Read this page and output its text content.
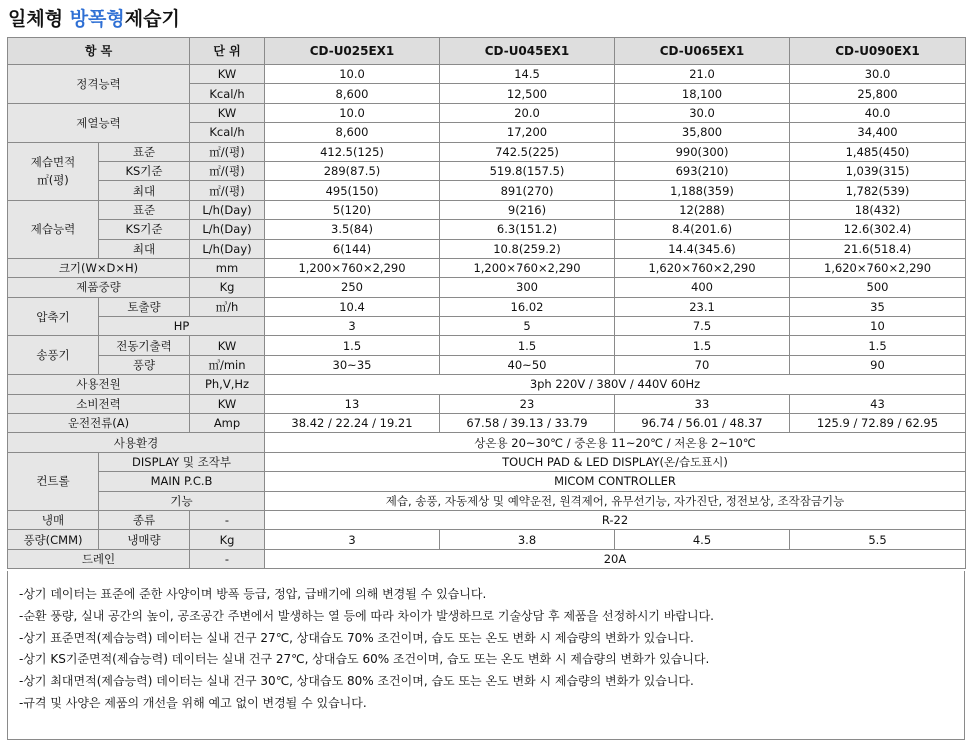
일체형 방폭형제습기
항 목		단 위	CD-U025EX1	CD-U045EX1	CD-U065EX1	CD-U090EX1
정격능력		KW	10.0	14.5	21.0	30.0
		Kcal/h	8,600	12,500	18,100	25,800
제열능력		KW	10.0	20.0	30.0	40.0
		Kcal/h	8,600	17,200	35,800	34,400

제습면적
㎡(평)	표준	㎡/(평)	412.5(125)	742.5(225)	990(300)	1,485(450)
	KS기준	㎡/(평)	289(87.5)	519.8(157.5)	693(210)	1,039(315)
	최대	㎡/(평)	495(150)	891(270)	1,188(359)	1,782(539)
제습능력	표준	L/h(Day)	5(120)	9(216)	12(288)	18(432)
	KS기준	L/h(Day)	3.5(84)	6.3(151.2)	8.4(201.6)	12.6(302.4)
	최대	L/h(Day)	6(144)	10.8(259.2)	14.4(345.6)	21.6(518.4)
크기(W×D×H)		mm	1,200×760×2,290	1,200×760×2,290	1,620×760×2,290	1,620×760×2,290
제품중량		Kg	250	300	400	500
압축기	토출량	㎥/h	10.4	16.02	23.1	35
	HP		3	5	7.5	10
송풍기	전동기출력	KW	1.5	1.5	1.5	1.5
	풍량	㎥/min	30~35	40~50	70	90
사용전원		Ph,V,Hz	3ph 220V / 380V / 440V 60Hz			
소비전력		KW	13	23	33	43
운전전류(A)		Amp	38.42 / 22.24 / 19.21	67.58 / 39.13 / 33.79	96.74 / 56.01 / 48.37	125.9 / 72.89 / 62.95
사용환경			상온용 20~30℃ / 중온용 11~20℃ / 저온용 2~10℃			
컨트롤	DISPLAY 및 조작부		TOUCH PAD & LED DISPLAY(온/습도표시)			
	MAIN P.C.B		MICOM CONTROLLER			
	기능		제습, 송풍, 자동제상 및 예약운전, 원격제어, 유무선기능, 자가진단, 정전보상, 조작잠금기능			
냉매	종류	-	R-22			
풍량(CMM)	냉매량	Kg	3	3.8	4.5	5.5
드레인		-	20A			

-상기 데이터는 표준에 준한 사양이며 방폭 등급, 정압, 급배기에 의해 변경될 수 있습니다.

-순환 풍량, 실내 공간의 높이, 공조공간 주변에서 발생하는 열 등에 따라 차이가 발생하므로 기술상담 후 제품을 선정하시기 바랍니다.

-상기 표준면적(제습능력) 데이터는 실내 건구 27℃, 상대습도 70% 조건이며, 습도 또는 온도 변화 시 제습량의 변화가 있습니다.

-상기 KS기준면적(제습능력) 데이터는 실내 건구 27℃, 상대습도 60% 조건이며, 습도 또는 온도 변화 시 제습량의 변화가 있습니다.

-상기 최대면적(제습능력) 데이터는 실내 건구 30℃, 상대습도 80% 조건이며, 습도 또는 온도 변화 시 제습량의 변화가 있습니다.

-규격 및 사양은 제품의 개선을 위해 예고 없이 변경될 수 있습니다.
